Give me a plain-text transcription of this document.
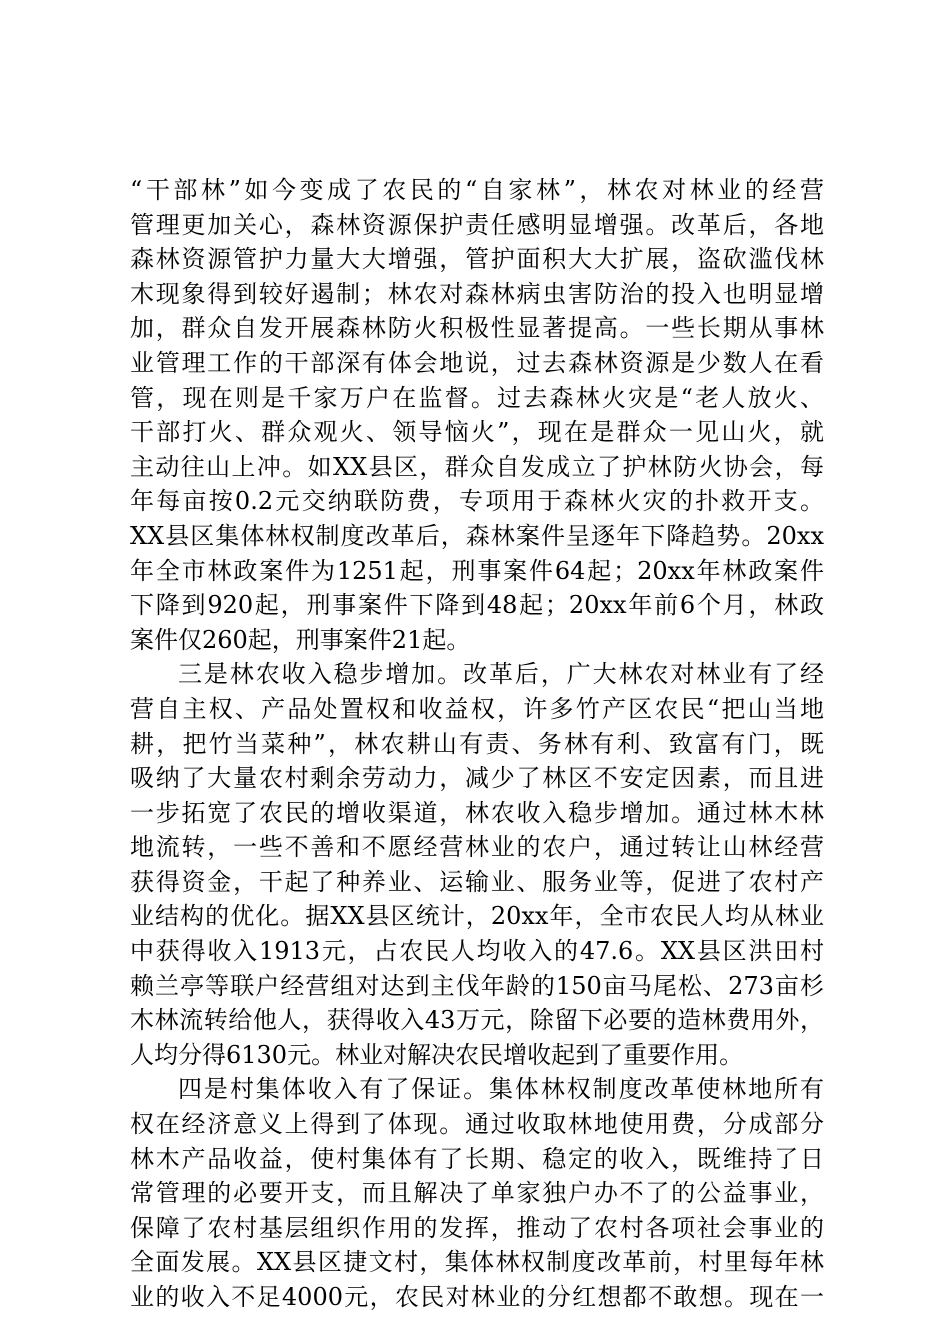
“干部林”如今变成了农民的“自家林”，林农对林业的经营
管理更加关心，森林资源保护责任感明显增强。改革后，各地
森林资源管护力量大大增强，管护面积大大扩展，盗砍滥伐林
木现象得到较好遏制；林农对森林病虫害防治的投入也明显增
加，群众自发开展森林防火积极性显著提高。一些长期从事林
业管理工作的干部深有体会地说，过去森林资源是少数人在看
管，现在则是千家万户在监督。过去森林火灾是“老人放火、
干部打火、群众观火、领导恼火”，现在是群众一见山火，就
主动往山上冲。如XX县区，群众自发成立了护林防火协会，每
年每亩按0.2元交纳联防费，专项用于森林火灾的扑救开支。
XX县区集体林权制度改革后，森林案件呈逐年下降趋势。20xx
年全市林政案件为1251起，刑事案件64起；20xx年林政案件
下降到920起，刑事案件下降到48起；20xx年前6个月，林政
案件仅260起，刑事案件21起。
三是林农收入稳步增加。改革后，广大林农对林业有了经
营自主权、产品处置权和收益权，许多竹产区农民“把山当地
耕，把竹当菜种”，林农耕山有责、务林有利、致富有门，既
吸纳了大量农村剩余劳动力，减少了林区不安定因素，而且进
一步拓宽了农民的增收渠道，林农收入稳步增加。通过林木林
地流转，一些不善和不愿经营林业的农户，通过转让山林经营
获得资金，干起了种养业、运输业、服务业等，促进了农村产
业结构的优化。据XX县区统计，20xx年，全市农民人均从林业
中获得收入1913元，占农民人均收入的47.6。XX县区洪田村
赖兰亭等联户经营组对达到主伐年龄的150亩马尾松、273亩杉
木林流转给他人，获得收入43万元，除留下必要的造林费用外，
人均分得6130元。林业对解决农民增收起到了重要作用。
四是村集体收入有了保证。集体林权制度改革使林地所有
权在经济意义上得到了体现。通过收取林地使用费，分成部分
林木产品收益，使村集体有了长期、稳定的收入，既维持了日
常管理的必要开支，而且解决了单家独户办不了的公益事业，
保障了农村基层组织作用的发挥，推动了农村各项社会事业的
全面发展。XX县区捷文村，集体林权制度改革前，村里每年林
业的收入不足4000元，农民对林业的分红想都不敢想。现在一
